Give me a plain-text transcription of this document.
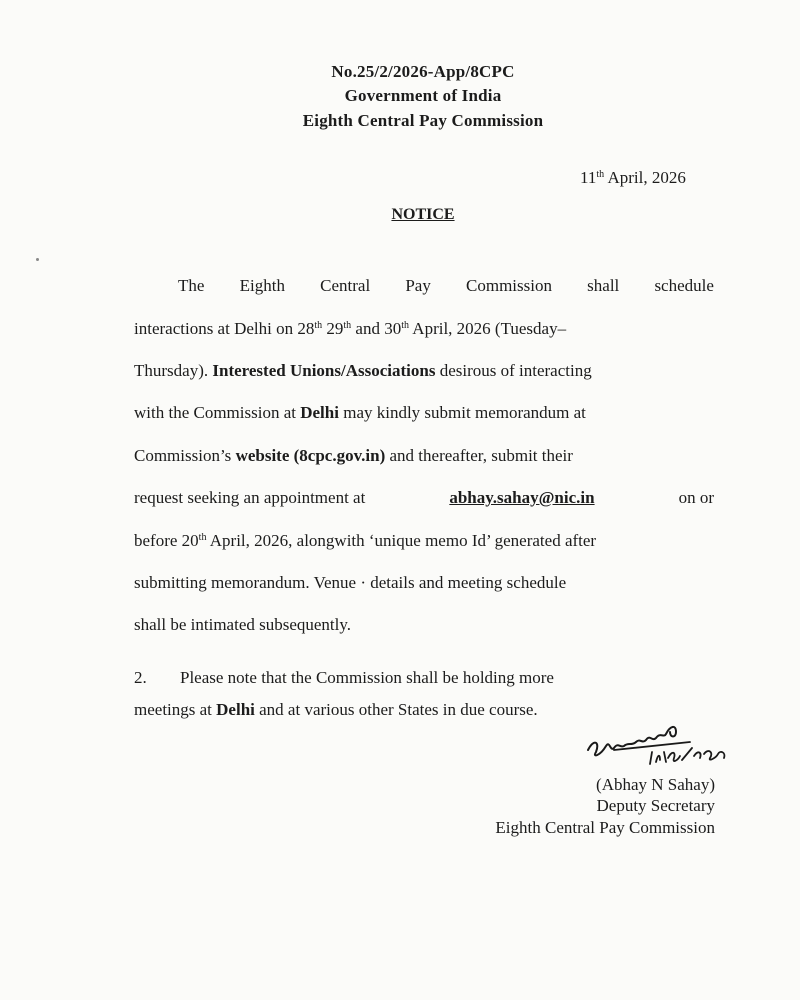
No.25/2/2026-App/8CPC
Government of India
Eighth Central Pay Commission
11th April, 2026
NOTICE
The Eighth Central Pay Commission shall schedule
interactions at Delhi on 28th 29th and 30th April, 2026 (Tuesday–
Thursday). Interested Unions/Associations desirous of interacting
with the Commission at Delhi may kindly submit memorandum at
Commission’s website (8cpc.gov.in) and thereafter, submit their
request seeking an appointment at	abhay.sahay@nic.in	on or
before 20th April, 2026, alongwith ‘unique memo Id’ generated after
submitting memorandum. Venue · details and meeting schedule
shall be intimated subsequently.
2.	Please note that the Commission shall be holding more
meetings at Delhi and at various other States in due course.
(Abhay N Sahay)
Deputy Secretary
Eighth Central Pay Commission
